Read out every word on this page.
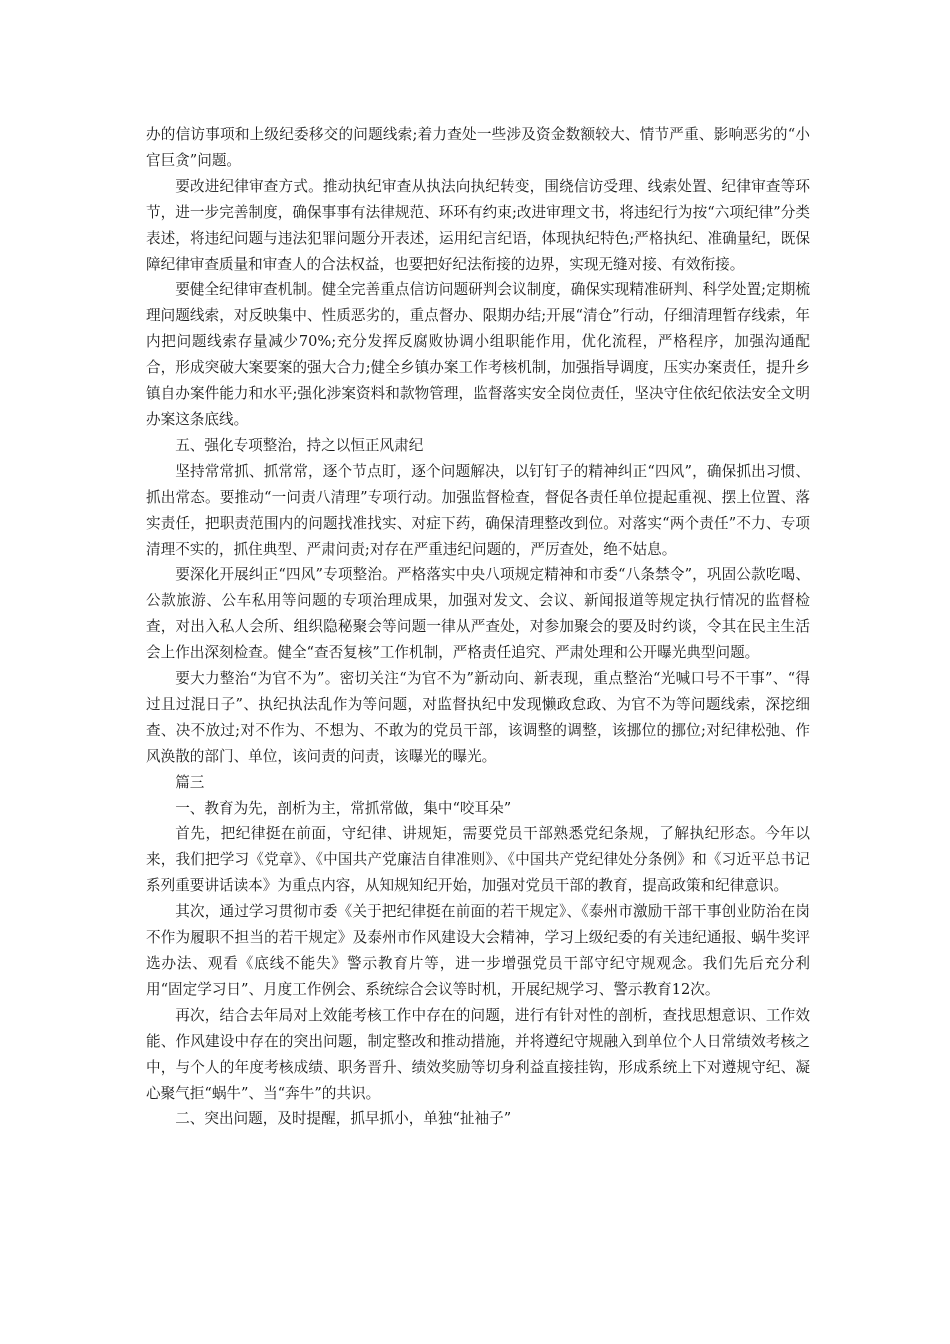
办的信访事项和上级纪委移交的问题线索;着力查处一些涉及资金数额较大、情节严重、影响恶劣的“小官巨贪”问题。

要改进纪律审查方式。推动执纪审查从执法向执纪转变，围绕信访受理、线索处置、纪律审查等环节，进一步完善制度，确保事事有法律规范、环环有约束;改进审理文书，将违纪行为按“六项纪律”分类表述，将违纪问题与违法犯罪问题分开表述，运用纪言纪语，体现执纪特色;严格执纪、准确量纪，既保障纪律审查质量和审查人的合法权益，也要把好纪法衔接的边界，实现无缝对接、有效衔接。

要健全纪律审查机制。健全完善重点信访问题研判会议制度，确保实现精准研判、科学处置;定期梳理问题线索，对反映集中、性质恶劣的，重点督办、限期办结;开展“清仓”行动，仔细清理暂存线索，年内把问题线索存量减少70%;充分发挥反腐败协调小组职能作用，优化流程，严格程序，加强沟通配合，形成突破大案要案的强大合力;健全乡镇办案工作考核机制，加强指导调度，压实办案责任，提升乡镇自办案件能力和水平;强化涉案资料和款物管理，监督落实安全岗位责任，坚决守住依纪依法安全文明办案这条底线。

五、强化专项整治，持之以恒正风肃纪

坚持常常抓、抓常常，逐个节点盯，逐个问题解决，以钉钉子的精神纠正“四风”，确保抓出习惯、抓出常态。要推动“一问责八清理”专项行动。加强监督检查，督促各责任单位提起重视、摆上位置、落实责任，把职责范围内的问题找准找实、对症下药，确保清理整改到位。对落实“两个责任”不力、专项清理不实的，抓住典型、严肃问责;对存在严重违纪问题的，严厉查处，绝不姑息。

要深化开展纠正“四风”专项整治。严格落实中央八项规定精神和市委“八条禁令”，巩固公款吃喝、公款旅游、公车私用等问题的专项治理成果，加强对发文、会议、新闻报道等规定执行情况的监督检查，对出入私人会所、组织隐秘聚会等问题一律从严查处，对参加聚会的要及时约谈，令其在民主生活会上作出深刻检查。健全“查否复核”工作机制，严格责任追究、严肃处理和公开曝光典型问题。

要大力整治“为官不为”。密切关注“为官不为”新动向、新表现，重点整治“光喊口号不干事”、“得过且过混日子”、执纪执法乱作为等问题，对监督执纪中发现懒政怠政、为官不为等问题线索，深挖细查、决不放过;对不作为、不想为、不敢为的党员干部，该调整的调整，该挪位的挪位;对纪律松弛、作风涣散的部门、单位，该问责的问责，该曝光的曝光。

篇三

一、教育为先，剖析为主，常抓常做，集中“咬耳朵”

首先，把纪律挺在前面，守纪律、讲规矩，需要党员干部熟悉党纪条规，了解执纪形态。今年以来，我们把学习《党章》、《中国共产党廉洁自律准则》、《中国共产党纪律处分条例》和《习近平总书记系列重要讲话读本》为重点内容，从知规知纪开始，加强对党员干部的教育，提高政策和纪律意识。

其次，通过学习贯彻市委《关于把纪律挺在前面的若干规定》、《泰州市激励干部干事创业防治在岗不作为履职不担当的若干规定》及泰州市作风建设大会精神，学习上级纪委的有关违纪通报、蜗牛奖评选办法、观看《底线不能失》警示教育片等，进一步增强党员干部守纪守规观念。我们先后充分利用“固定学习日”、月度工作例会、系统综合会议等时机，开展纪规学习、警示教育12次。

再次，结合去年局对上效能考核工作中存在的问题，进行有针对性的剖析，查找思想意识、工作效能、作风建设中存在的突出问题，制定整改和推动措施，并将遵纪守规融入到单位个人日常绩效考核之中，与个人的年度考核成绩、职务晋升、绩效奖励等切身利益直接挂钩，形成系统上下对遵规守纪、凝心聚气拒“蜗牛”、当“奔牛”的共识。

二、突出问题，及时提醒，抓早抓小，单独“扯袖子”
